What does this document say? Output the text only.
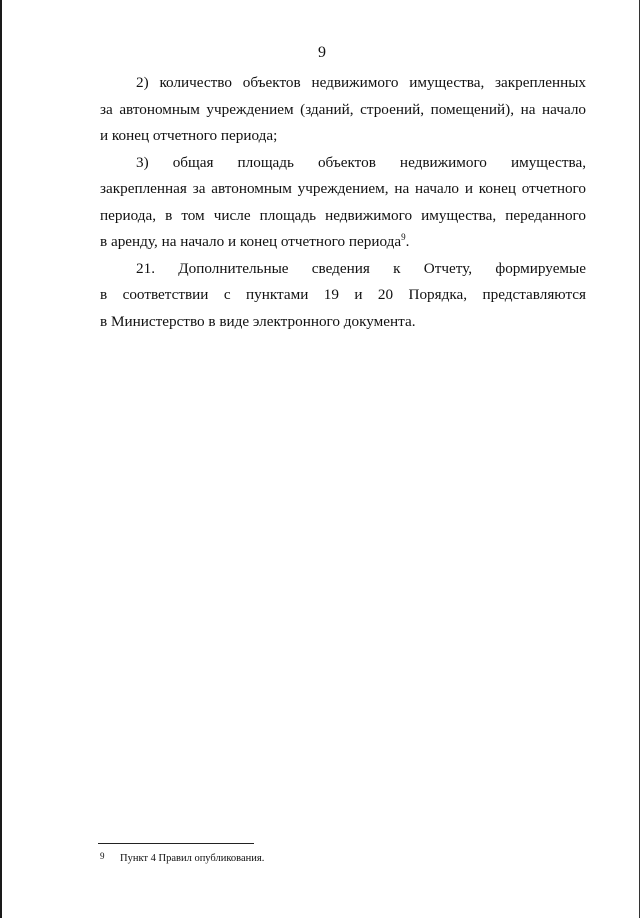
9
2) количество объектов недвижимого имущества, закрепленных
за автономным учреждением (зданий, строений, помещений), на начало
и конец отчетного периода;
3) общая площадь объектов недвижимого имущества,
закрепленная за автономным учреждением, на начало и конец отчетного
периода, в том числе площадь недвижимого имущества, переданного
в аренду, на начало и конец отчетного периода$^9$.
21. Дополнительные сведения к Отчету, формируемые
в соответствии с пунктами 19 и 20 Порядка, представляются
в Министерство в виде электронного документа.
9 Пункт 4 Правил опубликования.
